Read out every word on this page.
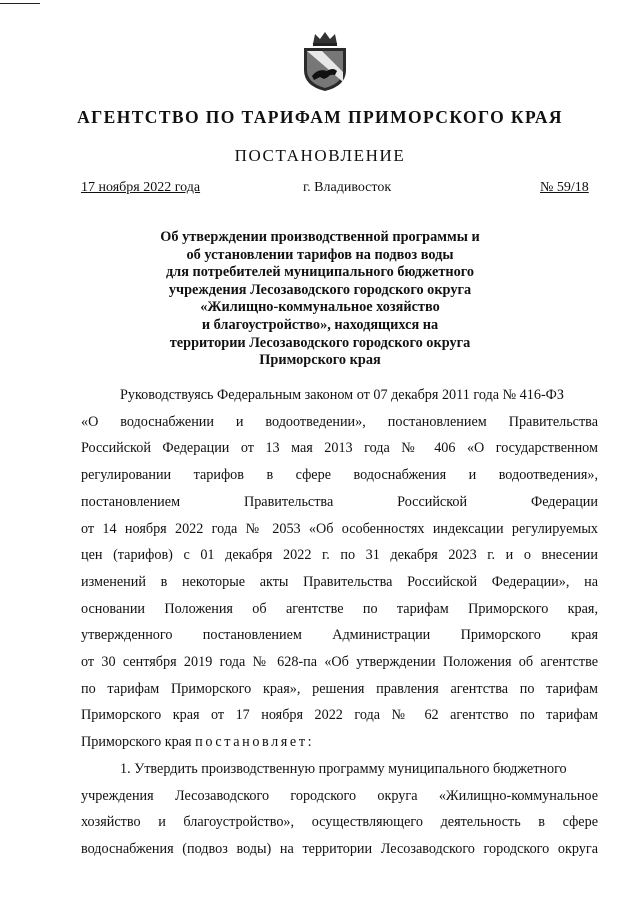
АГЕНТСТВО ПО ТАРИФАМ ПРИМОРСКОГО КРАЯ
ПОСТАНОВЛЕНИЕ
17 ноября 2022 года	г. Владивосток	№ 59/18
Об утверждении производственной программы и
об установлении тарифов на подвоз воды
для потребителей муниципального бюджетного
учреждения Лесозаводского городского округа
«Жилищно-коммунальное хозяйство
и благоустройство», находящихся на
территории Лесозаводского городского округа
Приморского края
Руководствуясь Федеральным законом от 07 декабря 2011 года № 416-ФЗ
«О водоснабжении и водоотведении», постановлением Правительства
Российской Федерации от 13 мая 2013 года № 406 «О государственном
регулировании тарифов в сфере водоснабжения и водоотведения»,
постановлением Правительства Российской Федерации
от 14 ноября 2022 года № 2053 «Об особенностях индексации регулируемых
цен (тарифов) с 01 декабря 2022 г. по 31 декабря 2023 г. и о внесении
изменений в некоторые акты Правительства Российской Федерации», на
основании Положения об агентстве по тарифам Приморского края,
утвержденного постановлением Администрации Приморского края
от 30 сентября 2019 года № 628-па «Об утверждении Положения об агентстве
по тарифам Приморского края», решения правления агентства по тарифам
Приморского края от 17 ноября 2022 года № 62 агентство по тарифам
Приморского края постановляет:
1. Утвердить производственную программу муниципального бюджетного
учреждения Лесозаводского городского округа «Жилищно-коммунальное
хозяйство и благоустройство», осуществляющего деятельность в сфере
водоснабжения (подвоз воды) на территории Лесозаводского городского округа
